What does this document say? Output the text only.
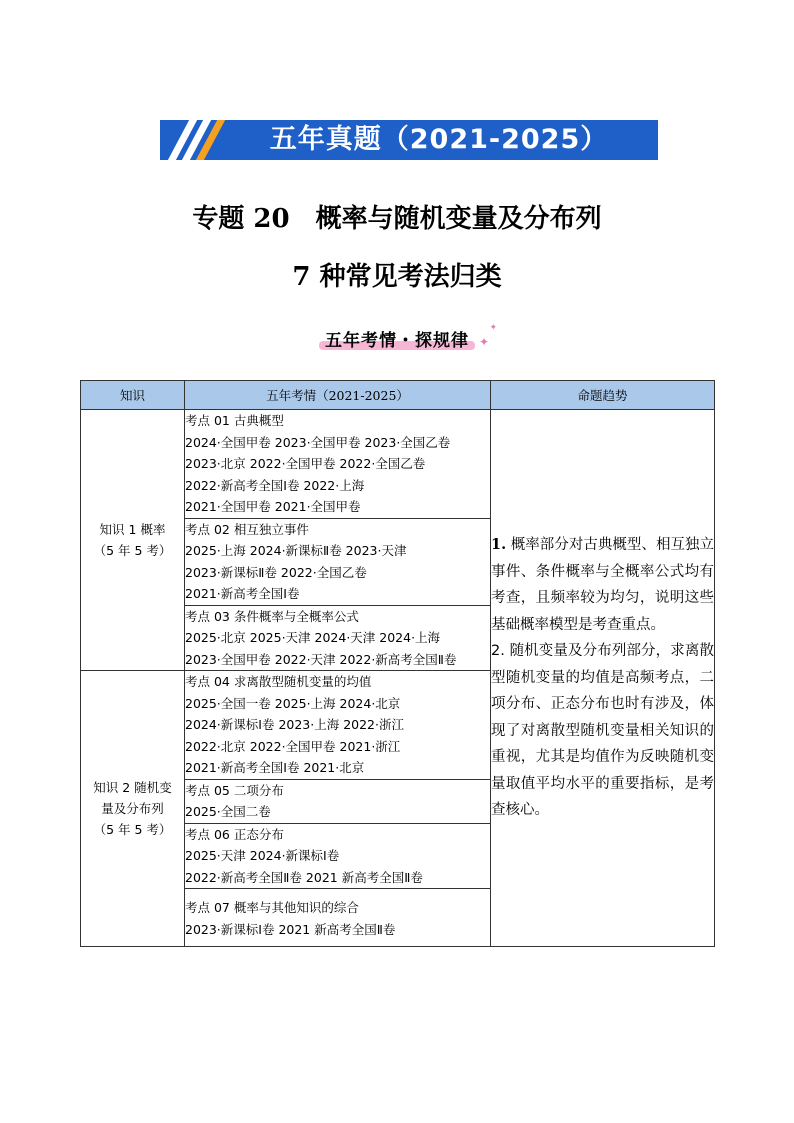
五年真题（2021-2025）
专题 20　概率与随机变量及分布列
7 种常见考法归类
五年考情・探规律 ✦
✦
知识	五年考情（2021-2025）	命题趋势
知识 1 概率
（5 年 5 考）	考点 01 古典概型
2024·全国甲卷 2023·全国甲卷 2023·全国乙卷
2023·北京 2022·全国甲卷 2022·全国乙卷
2022·新高考全国Ⅰ卷 2022·上海
2021·全国甲卷 2021·全国甲卷	1. 概率部分对古典概型、相互独立事件、条件概率与全概率公式均有考查，且频率较为均匀，说明这些基础概率模型是考查重点。
2. 随机变量及分布列部分，求离散型随机变量的均值是高频考点，二项分布、正态分布也时有涉及，体现了对离散型随机变量相关知识的重视，尤其是均值作为反映随机变量取值平均水平的重要指标，是考查核心。

	考点 02 相互独立事件
2025·上海 2024·新课标Ⅱ卷 2023·天津
2023·新课标Ⅱ卷 2022·全国乙卷
2021·新高考全国Ⅰ卷	

	考点 03 条件概率与全概率公式
2025·北京 2025·天津 2024·天津 2024·上海
2023·全国甲卷 2022·天津 2022·新高考全国Ⅱ卷	

知识 2 随机变
量及分布列
（5 年 5 考）	考点 04 求离散型随机变量的均值
2025·全国一卷 2025·上海 2024·北京
2024·新课标Ⅰ卷 2023·上海 2022·浙江
2022·北京 2022·全国甲卷 2021·浙江
2021·新高考全国Ⅰ卷 2021·北京	

	考点 05 二项分布
2025·全国二卷	

	考点 06 正态分布
2025·天津 2024·新课标Ⅰ卷
2022·新高考全国Ⅱ卷 2021 新高考全国Ⅱ卷	

	考点 07 概率与其他知识的综合
2023·新课标Ⅰ卷 2021 新高考全国Ⅱ卷	
